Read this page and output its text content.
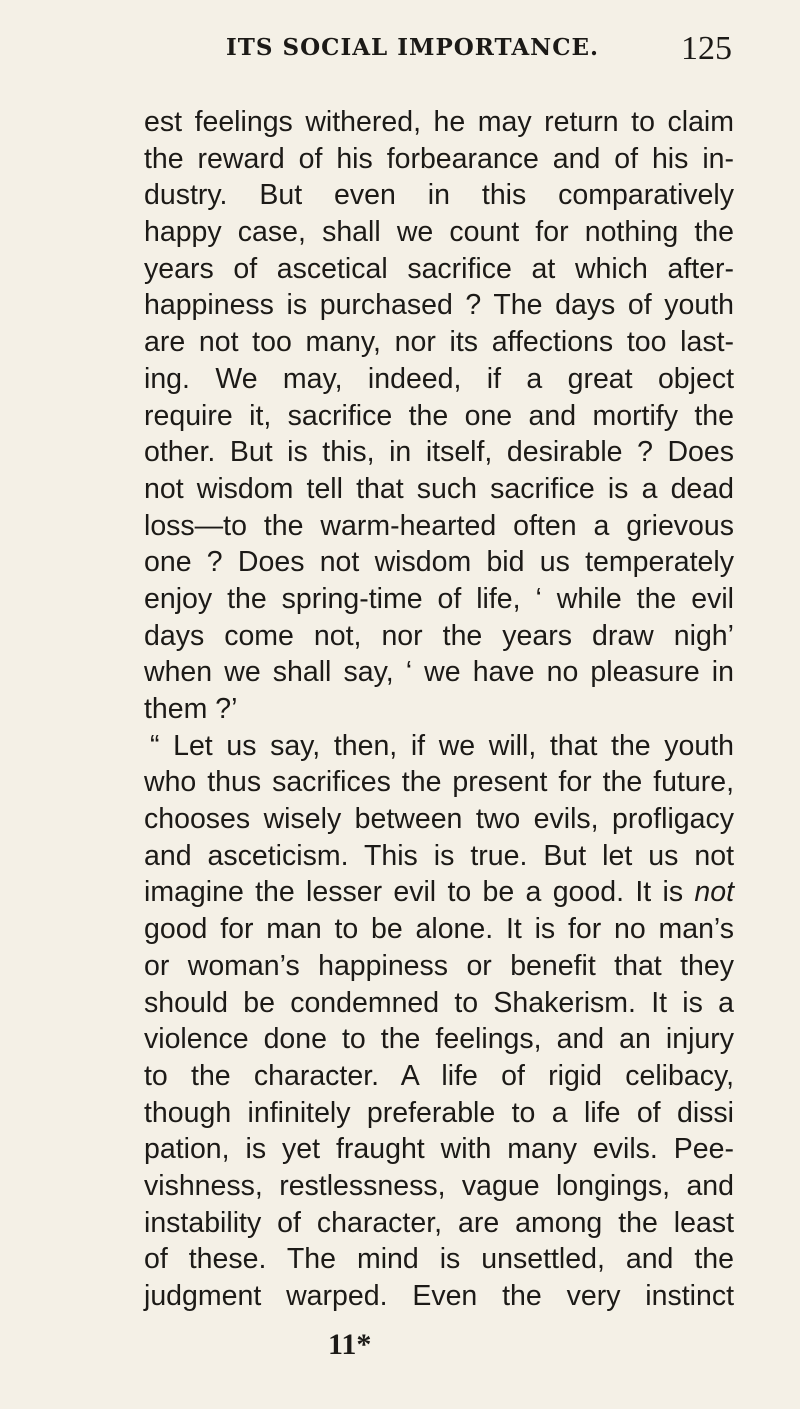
ITS SOCIAL IMPORTANCE. 125
est feelings withered, he may return to claim
the reward of his forbearance and of his in-
dustry. But even in this comparatively
happy case, shall we count for nothing the
years of ascetical sacrifice at which after-
happiness is purchased ? The days of youth
are not too many, nor its affections too last-
ing. We may, indeed, if a great object
require it, sacrifice the one and mortify the
other. But is this, in itself, desirable ? Does
not wisdom tell that such sacrifice is a dead
loss—to the warm-hearted often a grievous
one ? Does not wisdom bid us temperately
enjoy the spring-time of life, ‘ while the evil
days come not, nor the years draw nigh’
when we shall say, ‘ we have no pleasure in
them ?’
“ Let us say, then, if we will, that the youth
who thus sacrifices the present for the future,
chooses wisely between two evils, profligacy
and asceticism. This is true. But let us not
imagine the lesser evil to be a good. It is not
good for man to be alone. It is for no man’s
or woman’s happiness or benefit that they
should be condemned to Shakerism. It is a
violence done to the feelings, and an injury
to the character. A life of rigid celibacy,
though infinitely preferable to a life of dissi
pation, is yet fraught with many evils. Pee-
vishness, restlessness, vague longings, and
instability of character, are among the least
of these. The mind is unsettled, and the
judgment warped. Even the very instinct
11*
